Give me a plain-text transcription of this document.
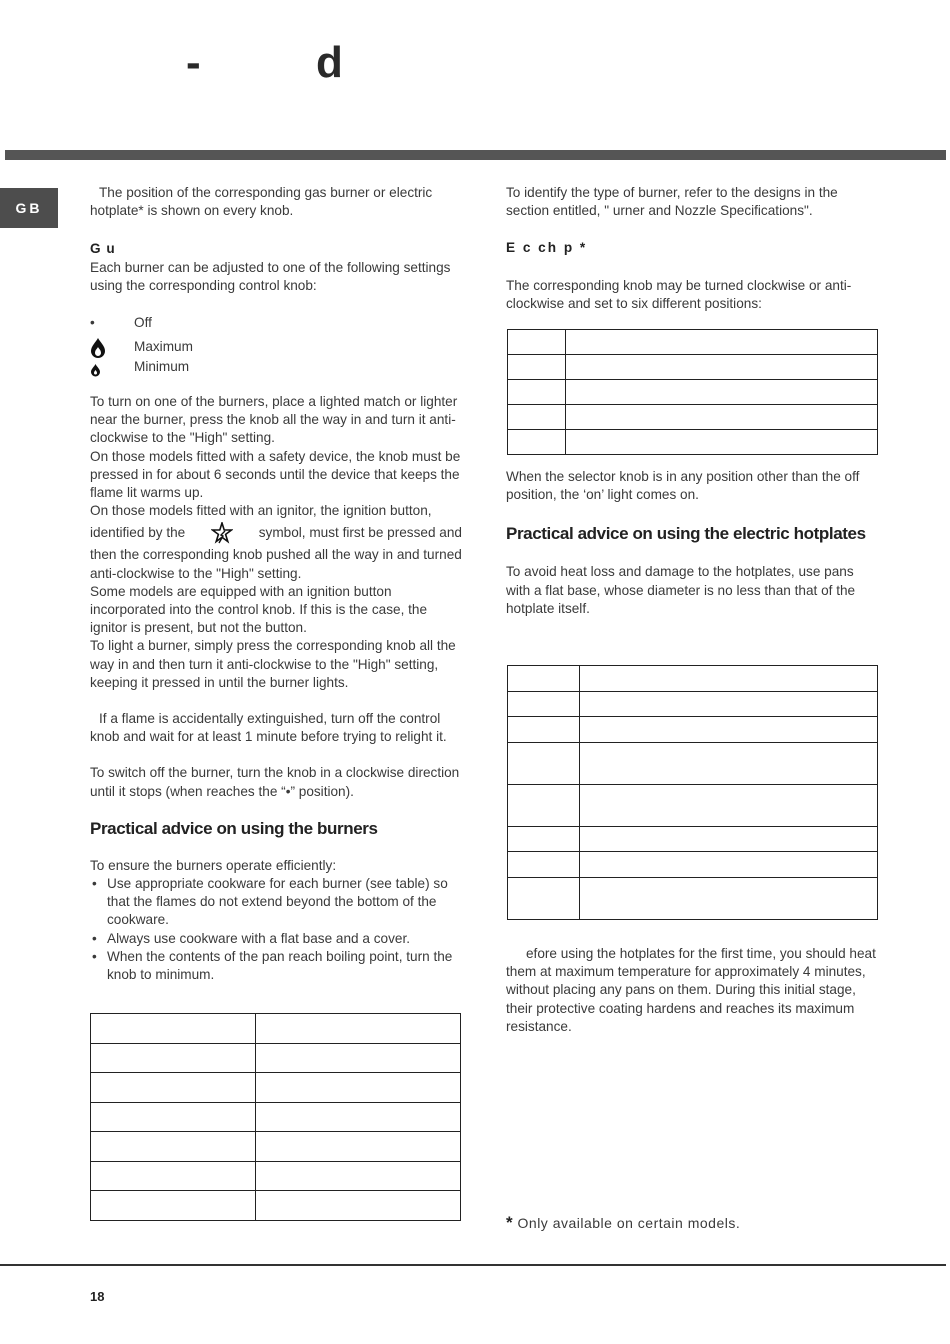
-	d
GB

The position of the corresponding gas burner or electric hotplate* is shown on every knob.

G u

Each burner can be adjusted to one of the following settings using the corresponding control knob:

•	Off
Maximum
Minimum

To turn on one of the burners, place a lighted match or lighter near the burner, press the knob all the way in and turn it anti-clockwise to the "High" setting.

On those models fitted with a safety device, the knob must be pressed in for about 6 seconds until the device that keeps the flame lit warms up.

On those models fitted with an ignitor, the ignition button,

identified by the	symbol, must first be pressed and

then the corresponding knob pushed all the way in and turned anti-clockwise to the "High" setting.

Some models are equipped with an ignition button incorporated into the control knob. If this is the case, the ignitor is present, but not the button.

To light a burner, simply press the corresponding knob all the way in and then turn it anti-clockwise to the "High" setting, keeping it pressed in until the burner lights.

If a flame is accidentally extinguished, turn off the control knob and wait for at least 1 minute before trying to relight it.

To switch off the burner, turn the knob in a clockwise direction until it stops (when reaches the “•” position).

Practical advice on using the burners

To ensure the burners operate efficiently:

• Use appropriate cookware for each burner (see table) so that the flames do not extend beyond the bottom of the cookware.
• Always use cookware with a flat base and a cover.
• When the contents of the pan reach boiling point, turn the knob to minimum.

To identify the type of burner, refer to the designs in the section entitled, " urner and Nozzle Specifications".

E c ch p *

The corresponding knob may be turned clockwise or anti-clockwise and set to six different positions:

When the selector knob is in any position other than the off position, the ‘on’ light comes on.

Practical advice on using the electric hotplates

To avoid heat loss and damage to the hotplates, use pans with a flat base, whose diameter is no less than that of the hotplate itself.

efore using the hotplates for the first time, you should heat them at maximum temperature for approximately 4 minutes, without placing any pans on them. During this initial stage, their protective coating hardens and reaches its maximum resistance.

* Only available on certain models.
18
